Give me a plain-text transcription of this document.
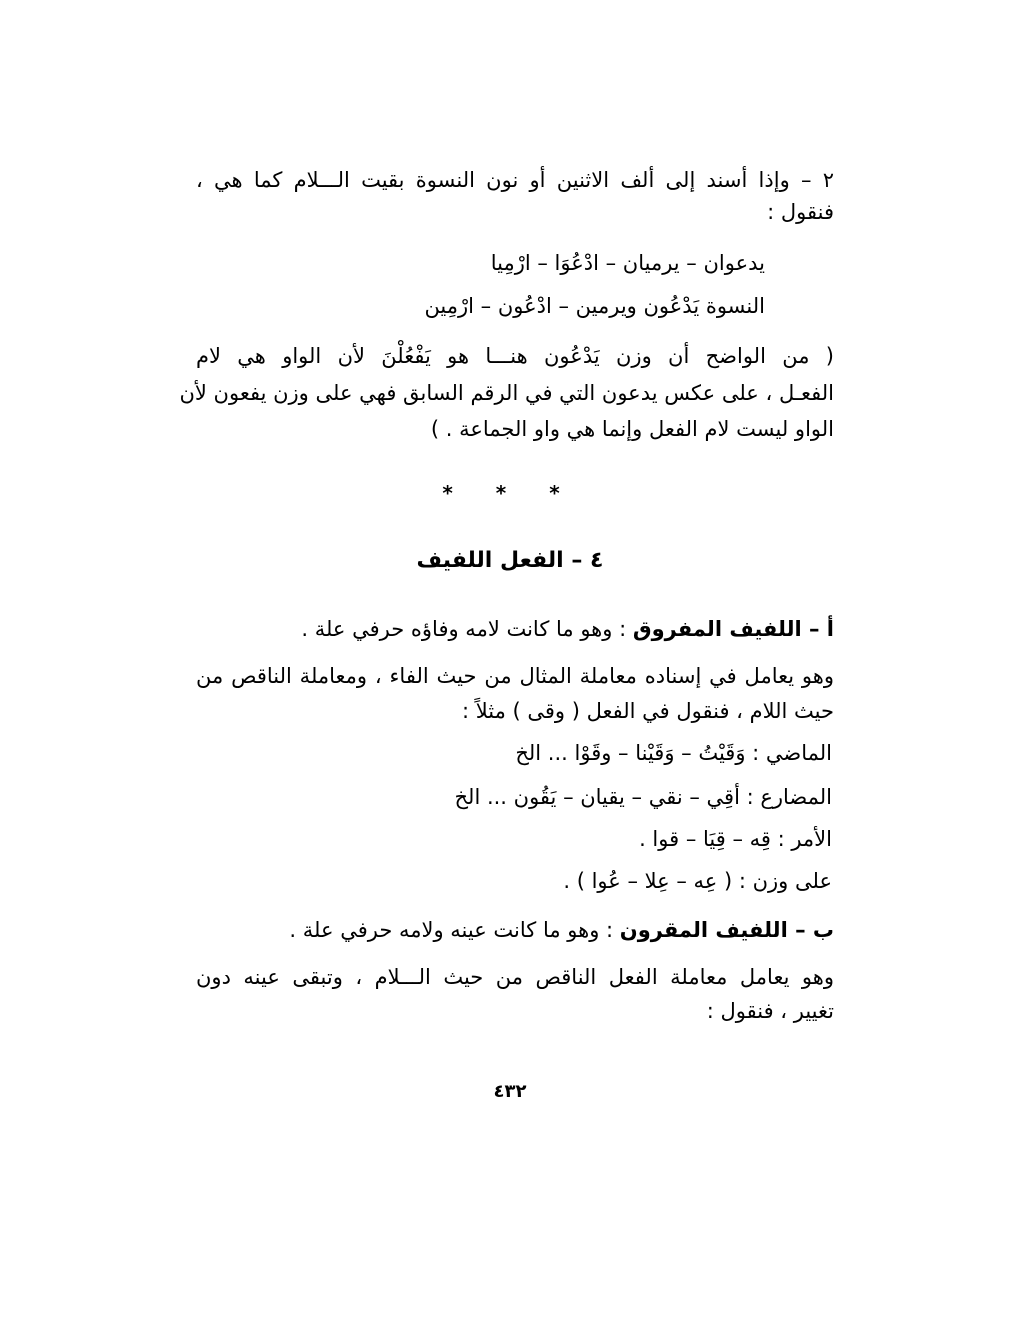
٢ – وإذا أسند إلى ألف الاثنين أو نون النسوة بقيت الـــلام كما هي ،
فنقول :
يدعوان – يرميان – ادْعُوَا – ارْمِيا
النسوة يَدْعُون ويرمين – ادْعُون – ارْمِين
( من الواضح أن وزن يَدْعُون هنـــا هو يَفْعُلْنَ لأن الواو هي لام
الفعـل ، على عكس يدعون التي في الرقم السابق فهي على وزن يفعون لأن
الواو ليست لام الفعل وإنما هي واو الجماعة . )
* * *
٤ – الفعل اللفيف
أ – اللفيف المفروق : وهو ما كانت لامه وفاؤه حرفي علة .
وهو يعامل في إسناده معاملة المثال من حيث الفاء ، ومعاملة الناقص من
حيث اللام ، فنقول في الفعل ( وقى ) مثلاً :
الماضي : وَقَيْتُ – وَقَيْنا – وقَوْا ... الخ
المضارع : أقِي – نقي – يقيان – يَقُون ... الخ
الأمر : قِه – قِيَا – قوا .
على وزن : ( عِه – عِلا – عُوا ) .
ب – اللفيف المقرون : وهو ما كانت عينه ولامه حرفي علة .
وهو يعامل معاملة الفعل الناقص من حيث الـــلام ، وتبقى عينه دون
تغيير ، فنقول :
٤٣٢
